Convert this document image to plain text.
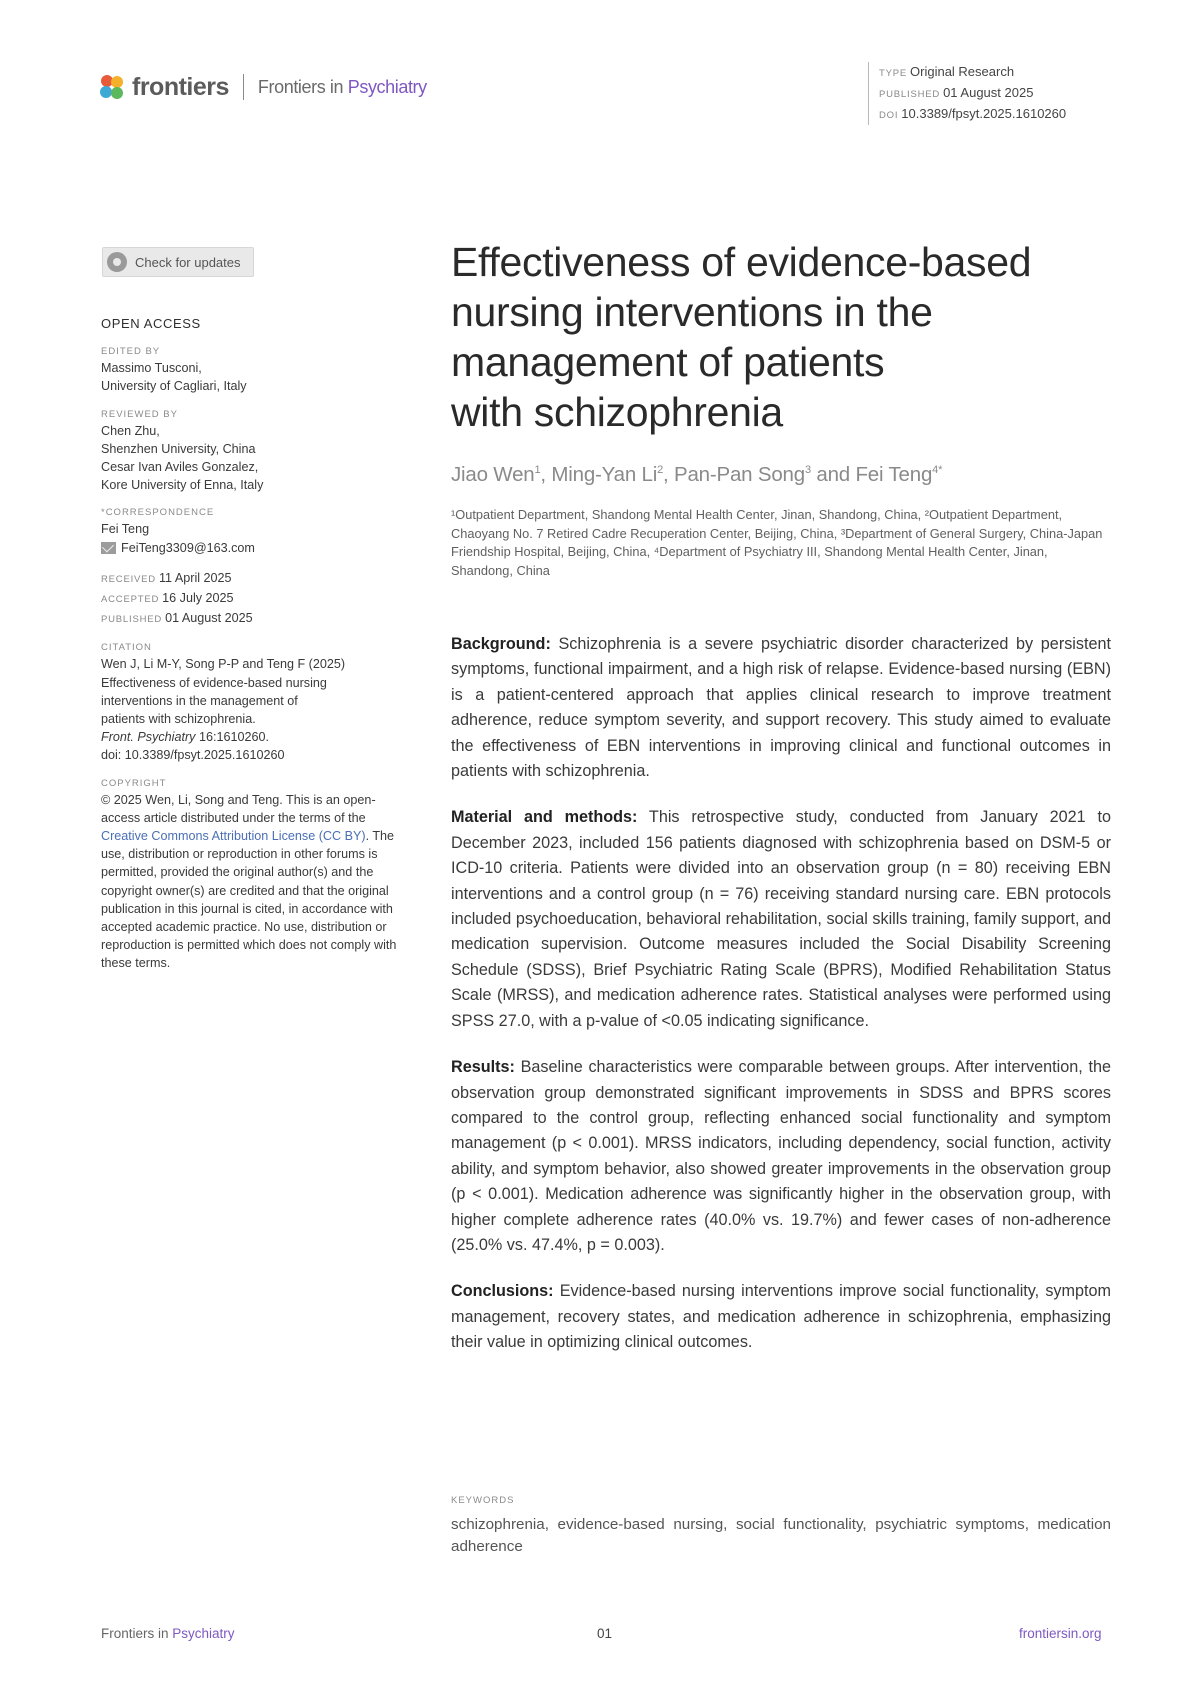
frontiers Frontiers in Psychiatry
TYPE Original Research
PUBLISHED 01 August 2025
DOI 10.3389/fpsyt.2025.1610260
Check for updates
OPEN ACCESS
EDITED BY
Massimo Tusconi,
University of Cagliari, Italy
REVIEWED BY
Chen Zhu,
Shenzhen University, China
Cesar Ivan Aviles Gonzalez,
Kore University of Enna, Italy
*CORRESPONDENCE
Fei Teng
FeiTeng3309@163.com
RECEIVED 11 April 2025
ACCEPTED 16 July 2025
PUBLISHED 01 August 2025
CITATION
Wen J, Li M-Y, Song P-P and Teng F (2025)
Effectiveness of evidence-based nursing
interventions in the management of
patients with schizophrenia.
Front. Psychiatry 16:1610260.
doi: 10.3389/fpsyt.2025.1610260
COPYRIGHT
© 2025 Wen, Li, Song and Teng. This is an open-access article distributed under the terms of the Creative Commons Attribution License (CC BY). The use, distribution or reproduction in other forums is permitted, provided the original author(s) and the copyright owner(s) are credited and that the original publication in this journal is cited, in accordance with accepted academic practice. No use, distribution or reproduction is permitted which does not comply with these terms.
Effectiveness of evidence-based
nursing interventions in the
management of patients
with schizophrenia
Jiao Wen$^1$, Ming-Yan Li$^2$, Pan-Pan Song$^3$ and Fei Teng$^{4*}$
¹Outpatient Department, Shandong Mental Health Center, Jinan, Shandong, China, ²Outpatient Department, Chaoyang No. 7 Retired Cadre Recuperation Center, Beijing, China, ³Department of General Surgery, China-Japan Friendship Hospital, Beijing, China, ⁴Department of Psychiatry III, Shandong Mental Health Center, Jinan, Shandong, China

Background: Schizophrenia is a severe psychiatric disorder characterized by persistent symptoms, functional impairment, and a high risk of relapse. Evidence-based nursing (EBN) is a patient-centered approach that applies clinical research to improve treatment adherence, reduce symptom severity, and support recovery. This study aimed to evaluate the effectiveness of EBN interventions in improving clinical and functional outcomes in patients with schizophrenia.

Material and methods: This retrospective study, conducted from January 2021 to December 2023, included 156 patients diagnosed with schizophrenia based on DSM-5 or ICD-10 criteria. Patients were divided into an observation group (n = 80) receiving EBN interventions and a control group (n = 76) receiving standard nursing care. EBN protocols included psychoeducation, behavioral rehabilitation, social skills training, family support, and medication supervision. Outcome measures included the Social Disability Screening Schedule (SDSS), Brief Psychiatric Rating Scale (BPRS), Modified Rehabilitation Status Scale (MRSS), and medication adherence rates. Statistical analyses were performed using SPSS 27.0, with a p-value of <0.05 indicating significance.

Results: Baseline characteristics were comparable between groups. After intervention, the observation group demonstrated significant improvements in SDSS and BPRS scores compared to the control group, reflecting enhanced social functionality and symptom management (p < 0.001). MRSS indicators, including dependency, social function, activity ability, and symptom behavior, also showed greater improvements in the observation group (p < 0.001). Medication adherence was significantly higher in the observation group, with higher complete adherence rates (40.0% vs. 19.7%) and fewer cases of non-adherence (25.0% vs. 47.4%, p = 0.003).

Conclusions: Evidence-based nursing interventions improve social functionality, symptom management, recovery states, and medication adherence in schizophrenia, emphasizing their value in optimizing clinical outcomes.

KEYWORDS
schizophrenia, evidence-based nursing, social functionality, psychiatric symptoms, medication adherence
Frontiers in Psychiatry	01	frontiersin.org
